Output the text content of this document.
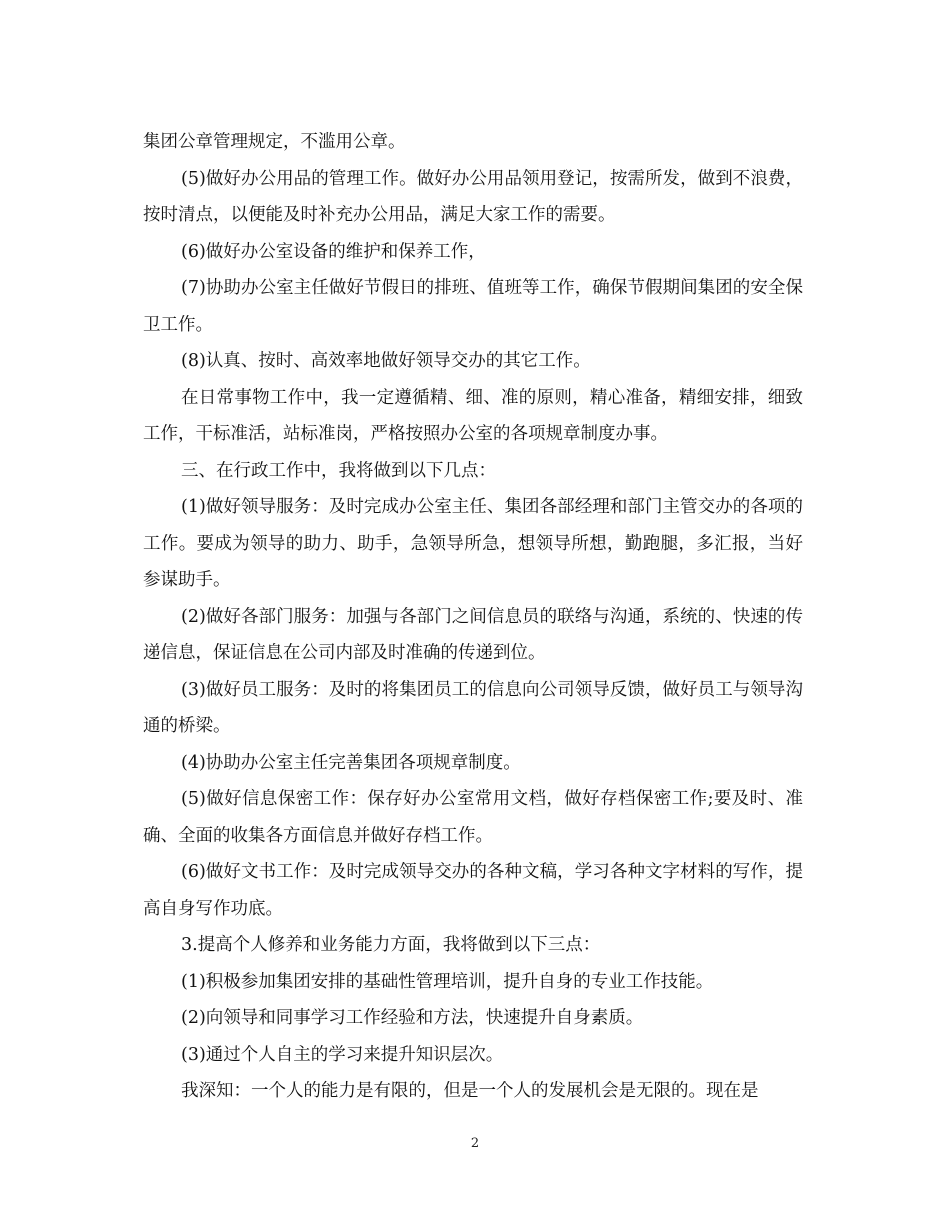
集团公章管理规定，不滥用公章。

(5)做好办公用品的管理工作。做好办公用品领用登记，按需所发，做到不浪费，按时清点，以便能及时补充办公用品，满足大家工作的需要。

(6)做好办公室设备的维护和保养工作，

(7)协助办公室主任做好节假日的排班、值班等工作，确保节假期间集团的安全保卫工作。

(8)认真、按时、高效率地做好领导交办的其它工作。

在日常事物工作中，我一定遵循精、细、准的原则，精心准备，精细安排，细致工作，干标准活，站标准岗，严格按照办公室的各项规章制度办事。

三、在行政工作中，我将做到以下几点：

(1)做好领导服务：及时完成办公室主任、集团各部经理和部门主管交办的各项的工作。要成为领导的助力、助手，急领导所急，想领导所想，勤跑腿，多汇报，当好参谋助手。

(2)做好各部门服务：加强与各部门之间信息员的联络与沟通，系统的、快速的传递信息，保证信息在公司内部及时准确的传递到位。

(3)做好员工服务：及时的将集团员工的信息向公司领导反馈，做好员工与领导沟通的桥梁。

(4)协助办公室主任完善集团各项规章制度。

(5)做好信息保密工作：保存好办公室常用文档，做好存档保密工作;要及时、准确、全面的收集各方面信息并做好存档工作。

(6)做好文书工作：及时完成领导交办的各种文稿，学习各种文字材料的写作，提高自身写作功底。

3.提高个人修养和业务能力方面，我将做到以下三点：

(1)积极参加集团安排的基础性管理培训，提升自身的专业工作技能。

(2)向领导和同事学习工作经验和方法，快速提升自身素质。

(3)通过个人自主的学习来提升知识层次。

我深知：一个人的能力是有限的，但是一个人的发展机会是无限的。现在是

2
